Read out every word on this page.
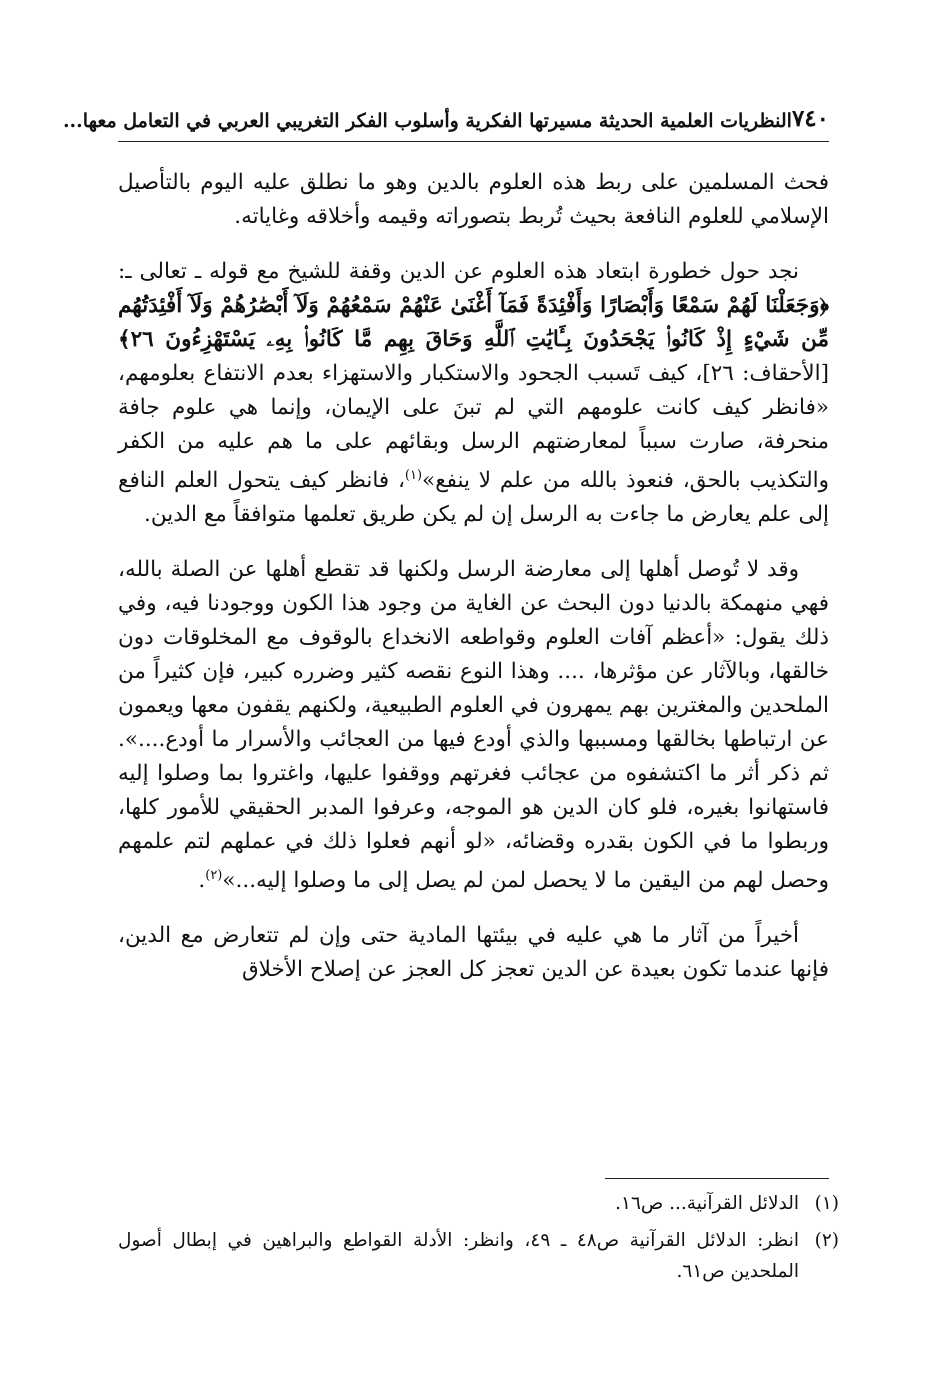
٧٤٠
النظريات العلمية الحديثة مسيرتها الفكرية وأسلوب الفكر التغريبي العربي في التعامل معها...

فحث المسلمين على ربط هذه العلوم بالدين وهو ما نطلق عليه اليوم بالتأصيل الإسلامي للعلوم النافعة بحيث تُربط بتصوراته وقيمه وأخلاقه وغاياته.

نجد حول خطورة ابتعاد هذه العلوم عن الدين وقفة للشيخ مع قوله ـ تعالى ـ: ﴿وَجَعَلْنَا لَهُمْ سَمْعًا وَأَبْصَارًا وَأَفْئِدَةً فَمَآ أَغْنَىٰ عَنْهُمْ سَمْعُهُمْ وَلَآ أَبْصَٰرُهُمْ وَلَآ أَفْئِدَتُهُم مِّن شَيْءٍ إِذْ كَانُوا۟ يَجْحَدُونَ بِـَٔايَٰتِ ٱللَّهِ وَحَاقَ بِهِم مَّا كَانُوا۟ بِهِۦ يَسْتَهْزِءُونَ ٢٦﴾ [الأحقاف: ٢٦]، كيف تَسبب الجحود والاستكبار والاستهزاء بعدم الانتفاع بعلومهم، «فانظر كيف كانت علومهم التي لم تبنَ على الإيمان، وإنما هي علوم جافة منحرفة، صارت سبباً لمعارضتهم الرسل وبقائهم على ما هم عليه من الكفر والتكذيب بالحق، فنعوذ بالله من علم لا ينفع»$^{(١)}$، فانظر كيف يتحول العلم النافع إلى علم يعارض ما جاءت به الرسل إن لم يكن طريق تعلمها متوافقاً مع الدين.

وقد لا تُوصل أهلها إلى معارضة الرسل ولكنها قد تقطع أهلها عن الصلة بالله، فهي منهمكة بالدنيا دون البحث عن الغاية من وجود هذا الكون ووجودنا فيه، وفي ذلك يقول: «أعظم آفات العلوم وقواطعه الانخداع بالوقوف مع المخلوقات دون خالقها، وبالآثار عن مؤثرها، .... وهذا النوع نقصه كثير وضرره كبير، فإن كثيراً من الملحدين والمغترين بهم يمهرون في العلوم الطبيعية، ولكنهم يقفون معها ويعمون عن ارتباطها بخالقها ومسببها والذي أودع فيها من العجائب والأسرار ما أودع....». ثم ذكر أثر ما اكتشفوه من عجائب فغرتهم ووقفوا عليها، واغتروا بما وصلوا إليه فاستهانوا بغيره، فلو كان الدين هو الموجه، وعرفوا المدبر الحقيقي للأمور كلها، وربطوا ما في الكون بقدره وقضائه، «لو أنهم فعلوا ذلك في عملهم لتم علمهم وحصل لهم من اليقين ما لا يحصل لمن لم يصل إلى ما وصلوا إليه...»$^{(٢)}$.

أخيراً من آثار ما هي عليه في بيئتها المادية حتى وإن لم تتعارض مع الدين، فإنها عندما تكون بعيدة عن الدين تعجز كل العجز عن إصلاح الأخلاق

(١)
الدلائل القرآنية... ص١٦.
(٢)
انظر: الدلائل القرآنية ص٤٨ ـ ٤٩، وانظر: الأدلة القواطع والبراهين في إبطال أصول الملحدين ص٦١.
